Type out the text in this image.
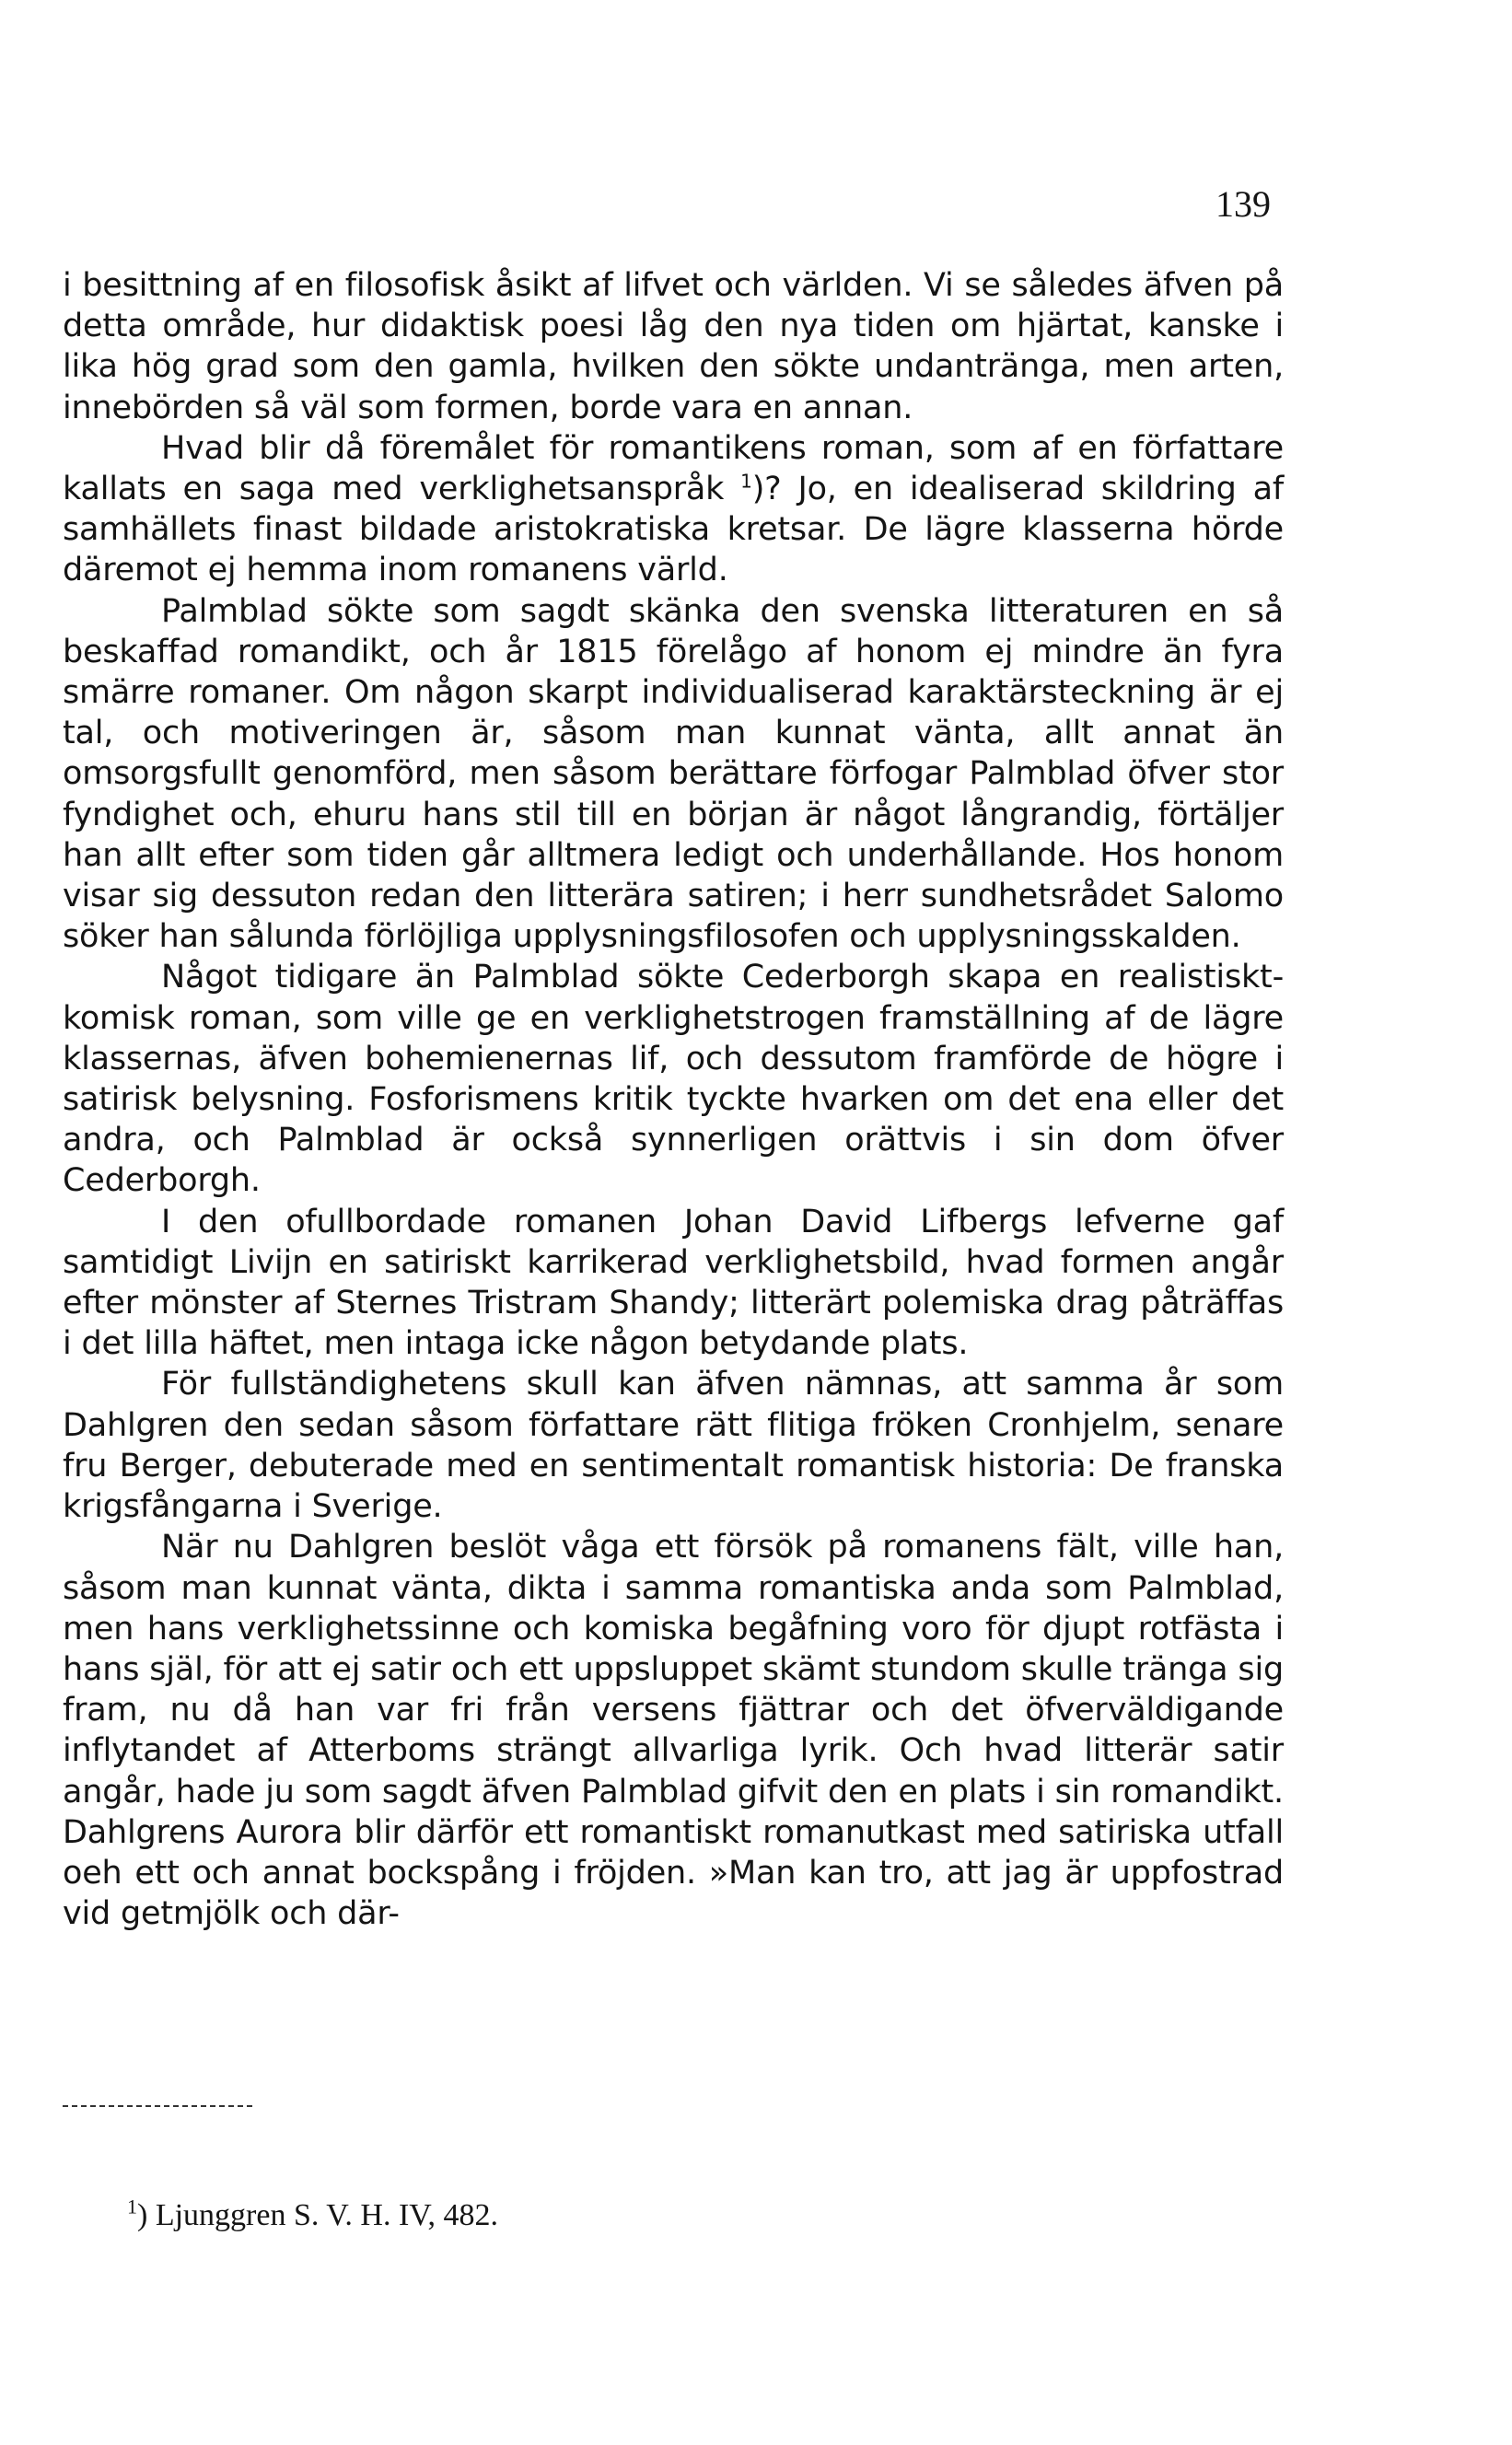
139

i besittning af en filosofisk åsikt af lifvet och världen. Vi se således äfven på detta område, hur didaktisk poesi låg den nya tiden om hjärtat, kanske i lika hög grad som den gamla, hvilken den sökte undantränga, men arten, innebörden så väl som formen, borde vara en annan.

Hvad blir då föremålet för romantikens roman, som af en författare kallats en saga med verklighetsanspråk $^1$)? Jo, en idealiserad skildring af samhällets finast bildade aristokratiska kretsar. De lägre klasserna hörde däremot ej hemma inom romanens värld.

Palmblad sökte som sagdt skänka den svenska litteraturen en så beskaffad romandikt, och år 1815 förelågo af honom ej mindre än fyra smärre romaner. Om någon skarpt individualiserad karaktärsteckning är ej tal, och motiveringen är, såsom man kunnat vänta, allt annat än omsorgsfullt genomförd, men såsom berättare förfogar Palmblad öfver stor fyndighet och, ehuru hans stil till en början är något långrandig, förtäljer han allt efter som tiden går alltmera ledigt och underhållande. Hos honom visar sig dessuton redan den litterära satiren; i herr sundhetsrådet Salomo söker han sålunda förlöjliga upplysningsfilosofen och upplysningsskalden.

Något tidigare än Palmblad sökte Cederborgh skapa en realistiskt-komisk roman, som ville ge en verklighetstrogen framställning af de lägre klassernas, äfven bohemienernas lif, och dessutom framförde de högre i satirisk belysning. Fosforismens kritik tyckte hvarken om det ena eller det andra, och Palmblad är också synnerligen orättvis i sin dom öfver Cederborgh.

I den ofullbordade romanen Johan David Lifbergs lefverne gaf samtidigt Livijn en satiriskt karrikerad verklighetsbild, hvad formen angår efter mönster af Sternes Tristram Shandy; litterärt polemiska drag påträffas i det lilla häftet, men intaga icke någon betydande plats.

För fullständighetens skull kan äfven nämnas, att samma år som Dahlgren den sedan såsom författare rätt flitiga fröken Cronhjelm, senare fru Berger, debuterade med en sentimentalt romantisk historia: De franska krigsfångarna i Sverige.

När nu Dahlgren beslöt våga ett försök på romanens fält, ville han, såsom man kunnat vänta, dikta i samma romantiska anda som Palmblad, men hans verklighetssinne och komiska begåfning voro för djupt rotfästa i hans själ, för att ej satir och ett uppsluppet skämt stundom skulle tränga sig fram, nu då han var fri från versens fjättrar och det öfverväldigande inflytandet af Atterboms strängt allvarliga lyrik. Och hvad litterär satir angår, hade ju som sagdt äfven Palmblad gifvit den en plats i sin romandikt. Dahlgrens Aurora blir därför ett romantiskt romanutkast med satiriska utfall oeh ett och annat bockspång i fröjden. »Man kan tro, att jag är uppfostrad vid getmjölk och där-

$^1$) Ljunggren S. V. H. IV, 482.
